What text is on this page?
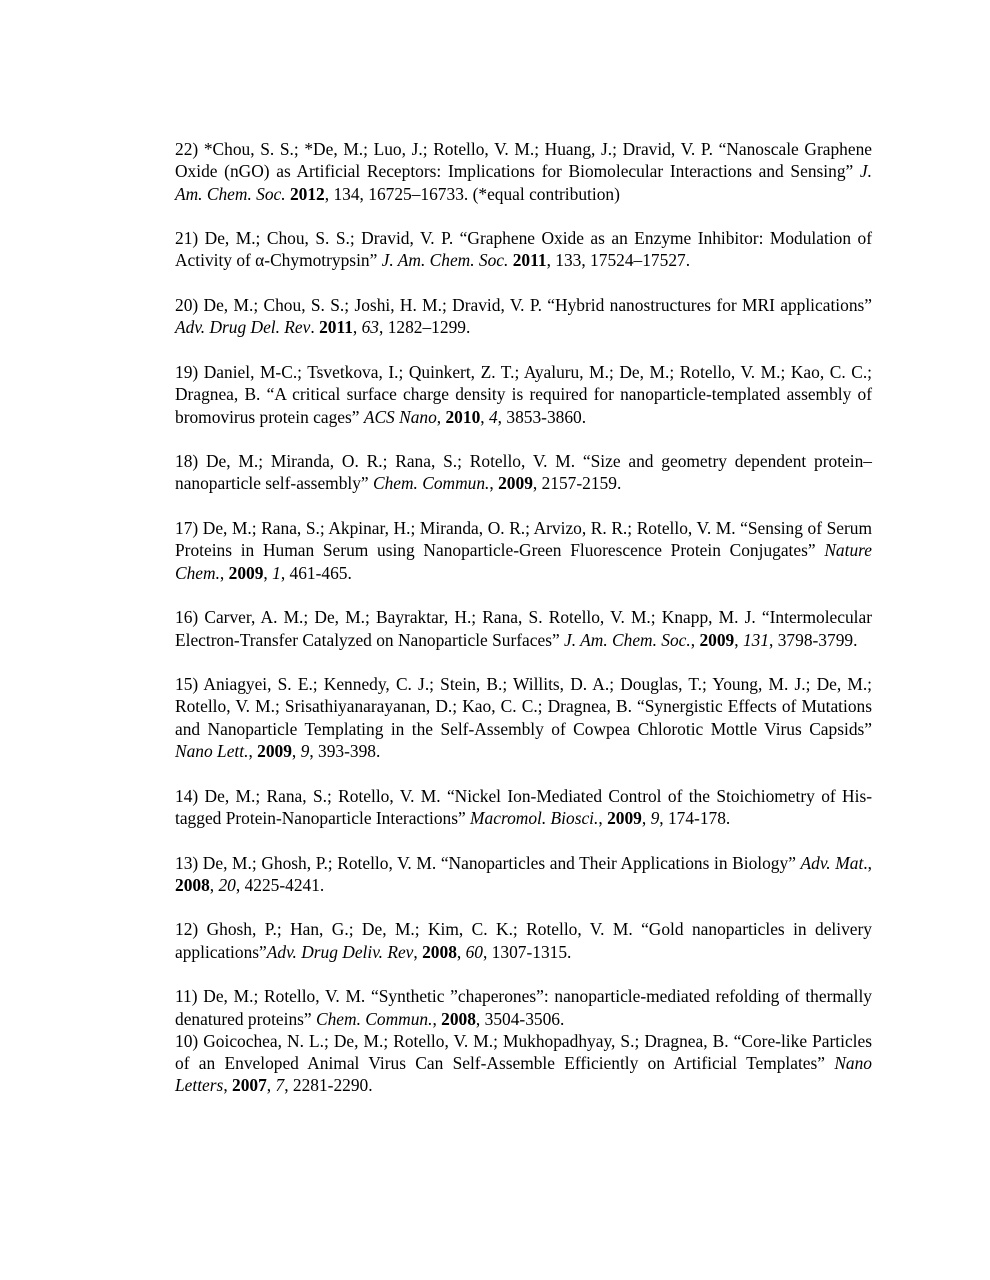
22) *Chou, S. S.; *De, M.; Luo, J.; Rotello, V. M.; Huang, J.; Dravid, V. P. “Nanoscale Graphene Oxide (nGO) as Artificial Receptors: Implications for Biomolecular Interactions and Sensing” J. Am. Chem. Soc. 2012, 134, 16725–16733. (*equal contribution)

21) De, M.; Chou, S. S.; Dravid, V. P. “Graphene Oxide as an Enzyme Inhibitor: Modulation of Activity of α-Chymotrypsin” J. Am. Chem. Soc. 2011, 133, 17524–17527.

20) De, M.; Chou, S. S.; Joshi, H. M.; Dravid, V. P. “Hybrid nanostructures for MRI applications” Adv. Drug Del. Rev. 2011, 63, 1282–1299.

19) Daniel, M-C.; Tsvetkova, I.; Quinkert, Z. T.; Ayaluru, M.; De, M.; Rotello, V. M.; Kao, C. C.; Dragnea, B. “A critical surface charge density is required for nanoparticle-templated assembly of bromovirus protein cages” ACS Nano, 2010, 4, 3853-3860.

18) De, M.; Miranda, O. R.; Rana, S.; Rotello, V. M. “Size and geometry dependent protein–nanoparticle self-assembly” Chem. Commun., 2009, 2157-2159.

17) De, M.; Rana, S.; Akpinar, H.; Miranda, O. R.; Arvizo, R. R.; Rotello, V. M. “Sensing of Serum Proteins in Human Serum using Nanoparticle-Green Fluorescence Protein Conjugates” Nature Chem., 2009, 1, 461-465.

16) Carver, A. M.; De, M.; Bayraktar, H.; Rana, S. Rotello, V. M.; Knapp, M. J. “Intermolecular Electron-Transfer Catalyzed on Nanoparticle Surfaces” J. Am. Chem. Soc., 2009, 131, 3798-3799.

15) Aniagyei, S. E.; Kennedy, C. J.; Stein, B.; Willits, D. A.; Douglas, T.; Young, M. J.; De, M.; Rotello, V. M.; Srisathiyanarayanan, D.; Kao, C. C.; Dragnea, B. “Synergistic Effects of Mutations and Nanoparticle Templating in the Self-Assembly of Cowpea Chlorotic Mottle Virus Capsids” Nano Lett., 2009, 9, 393-398.

14) De, M.; Rana, S.; Rotello, V. M. “Nickel Ion-Mediated Control of the Stoichiometry of His-tagged Protein-Nanoparticle Interactions” Macromol. Biosci., 2009, 9, 174-178.

13) De, M.; Ghosh, P.; Rotello, V. M. “Nanoparticles and Their Applications in Biology” Adv. Mat., 2008, 20, 4225-4241.

12) Ghosh, P.; Han, G.; De, M.; Kim, C. K.; Rotello, V. M. “Gold nanoparticles in delivery applications”Adv. Drug Deliv. Rev, 2008, 60, 1307-1315.

11) De, M.; Rotello, V. M. “Synthetic ”chaperones”: nanoparticle-mediated refolding of thermally denatured proteins” Chem. Commun., 2008, 3504-3506.

10) Goicochea, N. L.; De, M.; Rotello, V. M.; Mukhopadhyay, S.; Dragnea, B. “Core-like Particles of an Enveloped Animal Virus Can Self-Assemble Efficiently on Artificial Templates” Nano Letters, 2007, 7, 2281-2290.
